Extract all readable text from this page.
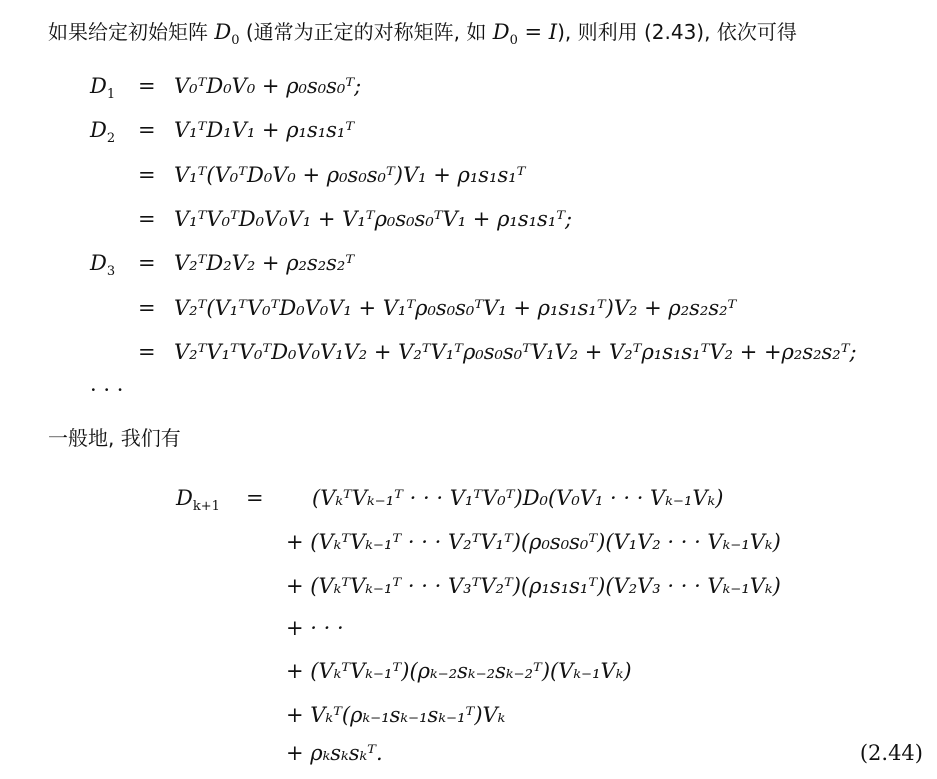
如果给定初始矩阵 $D_0$ (通常为正定的对称矩阵, 如 $D_0 = I$), 则利用 (2.43), 依次可得
$D_1$ = V₀ᵀD₀V₀ + ρ₀s₀s₀ᵀ;
$D_2$ = V₁ᵀD₁V₁ + ρ₁s₁s₁ᵀ
= V₁ᵀ(V₀ᵀD₀V₀ + ρ₀s₀s₀ᵀ)V₁ + ρ₁s₁s₁ᵀ
= V₁ᵀV₀ᵀD₀V₀V₁ + V₁ᵀρ₀s₀s₀ᵀV₁ + ρ₁s₁s₁ᵀ;
$D_3$ = V₂ᵀD₂V₂ + ρ₂s₂s₂ᵀ
= V₂ᵀ(V₁ᵀV₀ᵀD₀V₀V₁ + V₁ᵀρ₀s₀s₀ᵀV₁ + ρ₁s₁s₁ᵀ)V₂ + ρ₂s₂s₂ᵀ
= V₂ᵀV₁ᵀV₀ᵀD₀V₀V₁V₂ + V₂ᵀV₁ᵀρ₀s₀s₀ᵀV₁V₂ + V₂ᵀρ₁s₁s₁ᵀV₂ + +ρ₂s₂s₂ᵀ;
· · ·
一般地, 我们有
$D_{k+1}$ = (VₖᵀVₖ₋₁ᵀ · · · V₁ᵀV₀ᵀ)D₀(V₀V₁ · · · Vₖ₋₁Vₖ)
+ (VₖᵀVₖ₋₁ᵀ · · · V₂ᵀV₁ᵀ)(ρ₀s₀s₀ᵀ)(V₁V₂ · · · Vₖ₋₁Vₖ)
+ (VₖᵀVₖ₋₁ᵀ · · · V₃ᵀV₂ᵀ)(ρ₁s₁s₁ᵀ)(V₂V₃ · · · Vₖ₋₁Vₖ)
+ · · ·
+ (VₖᵀVₖ₋₁ᵀ)(ρₖ₋₂sₖ₋₂sₖ₋₂ᵀ)(Vₖ₋₁Vₖ)
+ Vₖᵀ(ρₖ₋₁sₖ₋₁sₖ₋₁ᵀ)Vₖ
+ ρₖsₖsₖᵀ.	(2.44)
